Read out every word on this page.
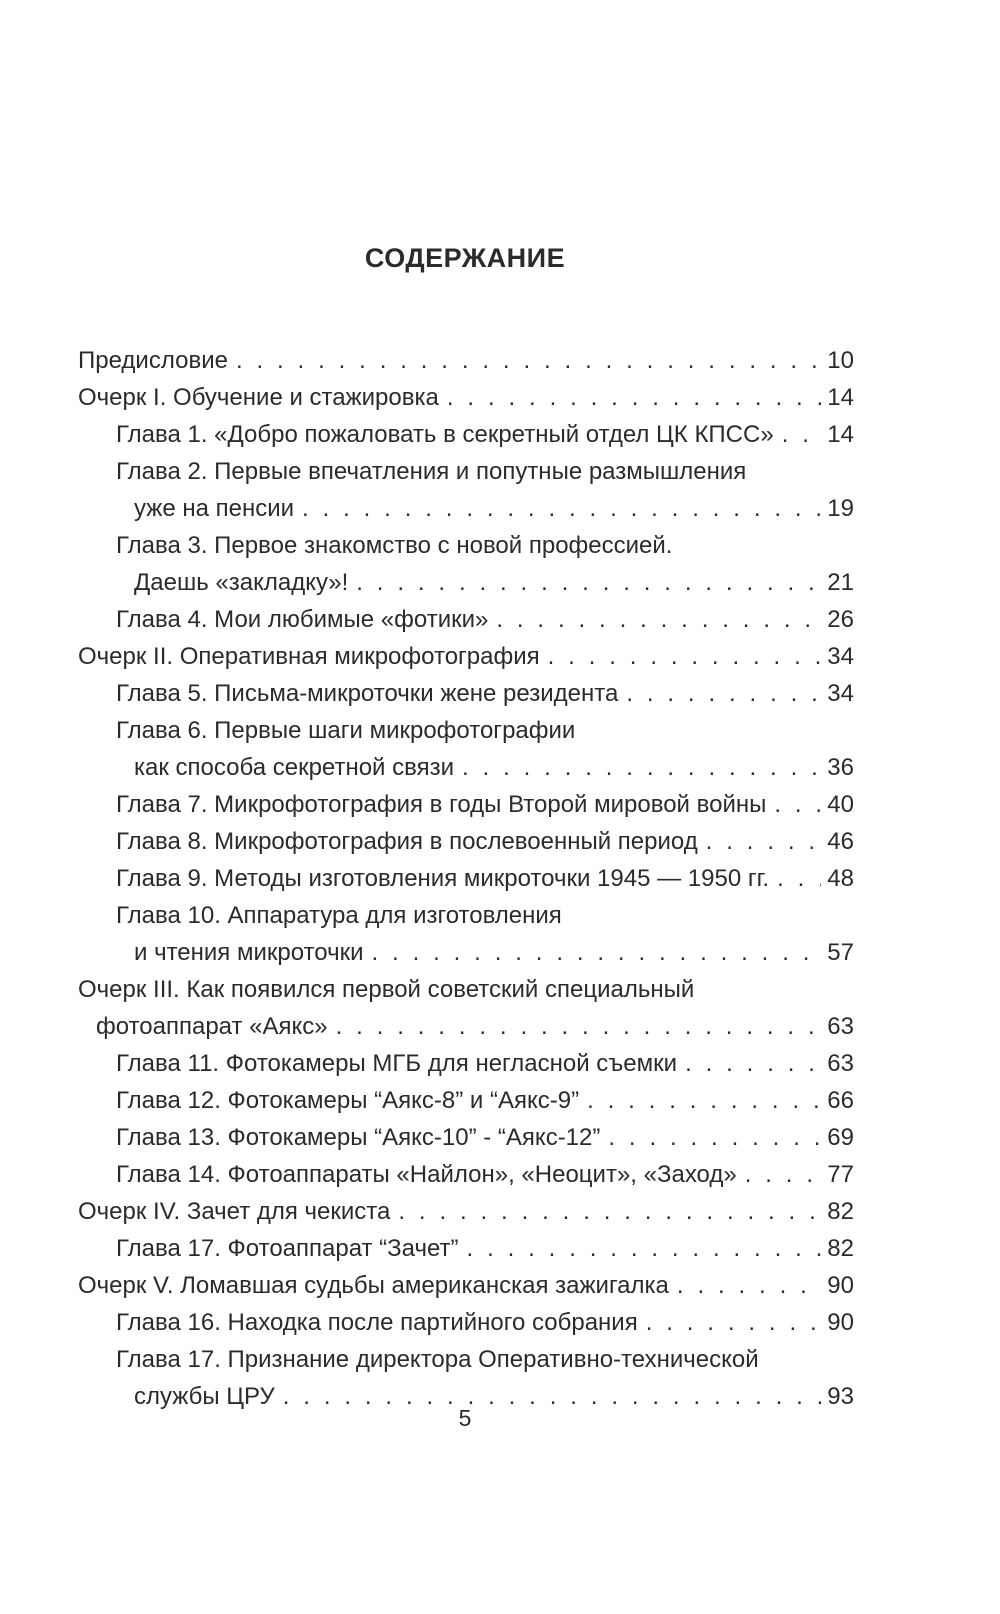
СОДЕРЖАНИЕ
Предисловие . . .	10
Очерк I. Обучение и стажировка . . .	14
Глава 1. «Добро пожаловать в секретный отдел ЦК КПСС» . . . 14
Глава 2. Первые впечатления и попутные размышления
уже на пенсии . . .	19
Глава 3. Первое знакомство с новой профессией.
Даешь «закладку»! . . .	21
Глава 4. Мои любимые «фотики» . . .	26
Очерк II. Оперативная микрофотография . . .	34
Глава 5. Письма-микроточки жене резидента . . .	34
Глава 6. Первые шаги микрофотографии
как способа секретной связи . . .	36
Глава 7. Микрофотография в годы Второй мировой войны . . .	40
Глава 8. Микрофотография в послевоенный период . . .	46
Глава 9. Методы изготовления микроточки 1945 — 1950 гг. . . . 48
Глава 10. Аппаратура для изготовления
и чтения микроточки . . .	57
Очерк III. Как появился первой советский специальный
фотоаппарат «Аякс» . . .	63
Глава 11. Фотокамеры МГБ для негласной съемки . . .	63
Глава 12. Фотокамеры “Аякс-8” и “Аякс-9” . . .	66
Глава 13. Фотокамеры “Аякс-10” - “Аякс-12” . . .	69
Глава 14. Фотоаппараты «Найлон», «Неоцит», «Заход» . . .	77
Очерк IV. Зачет для чекиста . . .	82
Глава 17. Фотоаппарат “Зачет” . . .	82
Очерк V. Ломавшая судьбы американская зажигалка . . .	90
Глава 16. Находка после партийного собрания . . .	90
Глава 17. Признание директора Оперативно-технической
службы ЦРУ . . .	93
5
